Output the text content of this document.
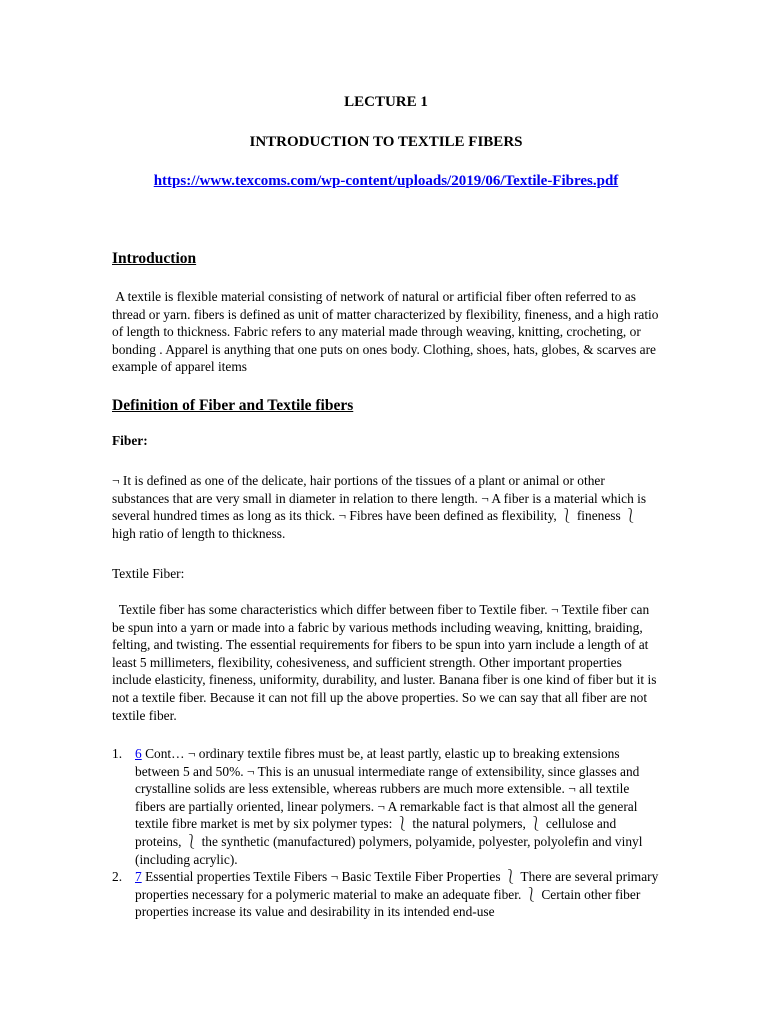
LECTURE 1
INTRODUCTION TO TEXTILE FIBERS
https://www.texcoms.com/wp-content/uploads/2019/06/Textile-Fibres.pdf
Introduction
A textile is flexible material consisting of network of natural or artificial fiber often referred to as thread or yarn. fibers is defined as unit of matter characterized by flexibility, fineness, and a high ratio of length to thickness. Fabric refers to any material made through weaving, knitting, crocheting, or bonding . Apparel is anything that one puts on ones body. Clothing, shoes, hats, globes, & scarves are example of apparel items
Definition of Fiber and Textile fibers
Fiber:
¬ It is defined as one of the delicate, hair portions of the tissues of a plant or animal or other substances that are very small in diameter in relation to there length. ¬ A fiber is a material which is several hundred times as long as its thick. ¬ Fibres have been defined as flexibility, ⎱ fineness ⎱ high ratio of length to thickness.
Textile Fiber:
Textile fiber has some characteristics which differ between fiber to Textile fiber. ¬ Textile fiber can be spun into a yarn or made into a fabric by various methods including weaving, knitting, braiding, felting, and twisting. The essential requirements for fibers to be spun into yarn include a length of at least 5 millimeters, flexibility, cohesiveness, and sufficient strength. Other important properties include elasticity, fineness, uniformity, durability, and luster. Banana fiber is one kind of fiber but it is not a textile fiber. Because it can not fill up the above properties. So we can say that all fiber are not textile fiber.
1. 6 Cont… ¬ ordinary textile fibres must be, at least partly, elastic up to breaking extensions between 5 and 50%. ¬ This is an unusual intermediate range of extensibility, since glasses and crystalline solids are less extensible, whereas rubbers are much more extensible. ¬ all textile fibers are partially oriented, linear polymers. ¬ A remarkable fact is that almost all the general textile fibre market is met by six polymer types: ⎱ the natural polymers, ⎱ cellulose and proteins, ⎱ the synthetic (manufactured) polymers, polyamide, polyester, polyolefin and vinyl (including acrylic).
2. 7 Essential properties Textile Fibers ¬ Basic Textile Fiber Properties ⎱ There are several primary properties necessary for a polymeric material to make an adequate fiber. ⎱ Certain other fiber properties increase its value and desirability in its intended end-use
